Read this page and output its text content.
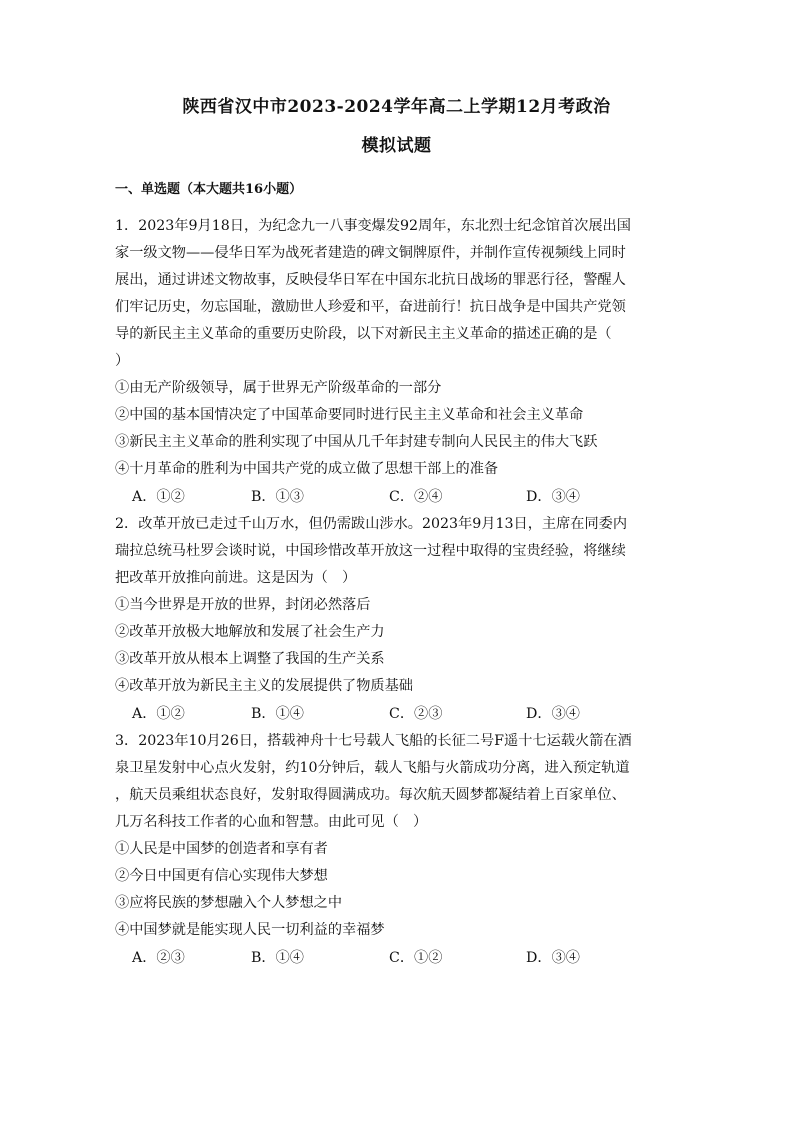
陕西省汉中市2023-2024学年高二上学期12月考政治
模拟试题
一、单选题（本大题共16小题）
1．2023年9月18日，为纪念九一八事变爆发92周年，东北烈士纪念馆首次展出国
家一级文物——侵华日军为战死者建造的碑文铜牌原件，并制作宣传视频线上同时
展出，通过讲述文物故事，反映侵华日军在中国东北抗日战场的罪恶行径，警醒人
们牢记历史，勿忘国耻，激励世人珍爱和平，奋进前行！抗日战争是中国共产党领
导的新民主主义革命的重要历史阶段，以下对新民主主义革命的描述正确的是（
）
①由无产阶级领导，属于世界无产阶级革命的一部分
②中国的基本国情决定了中国革命要同时进行民主主义革命和社会主义革命
③新民主主义革命的胜利实现了中国从几千年封建专制向人民民主的伟大飞跃
④十月革命的胜利为中国共产党的成立做了思想干部上的准备
A．①②	B．①③	C．②④	D．③④
2．改革开放已走过千山万水，但仍需跋山涉水。2023年9月13日，主席在同委内
瑞拉总统马杜罗会谈时说，中国珍惜改革开放这一过程中取得的宝贵经验，将继续
把改革开放推向前进。这是因为（　）
①当今世界是开放的世界，封闭必然落后
②改革开放极大地解放和发展了社会生产力
③改革开放从根本上调整了我国的生产关系
④改革开放为新民主主义的发展提供了物质基础
A．①②	B．①④	C．②③	D．③④
3．2023年10月26日，搭载神舟十七号载人飞船的长征二号F遥十七运载火箭在酒
泉卫星发射中心点火发射，约10分钟后，载人飞船与火箭成功分离，进入预定轨道
，航天员乘组状态良好，发射取得圆满成功。每次航天圆梦都凝结着上百家单位、
几万名科技工作者的心血和智慧。由此可见（　）
①人民是中国梦的创造者和享有者
②今日中国更有信心实现伟大梦想
③应将民族的梦想融入个人梦想之中
④中国梦就是能实现人民一切利益的幸福梦
A．②③	B．①④	C．①②	D．③④
